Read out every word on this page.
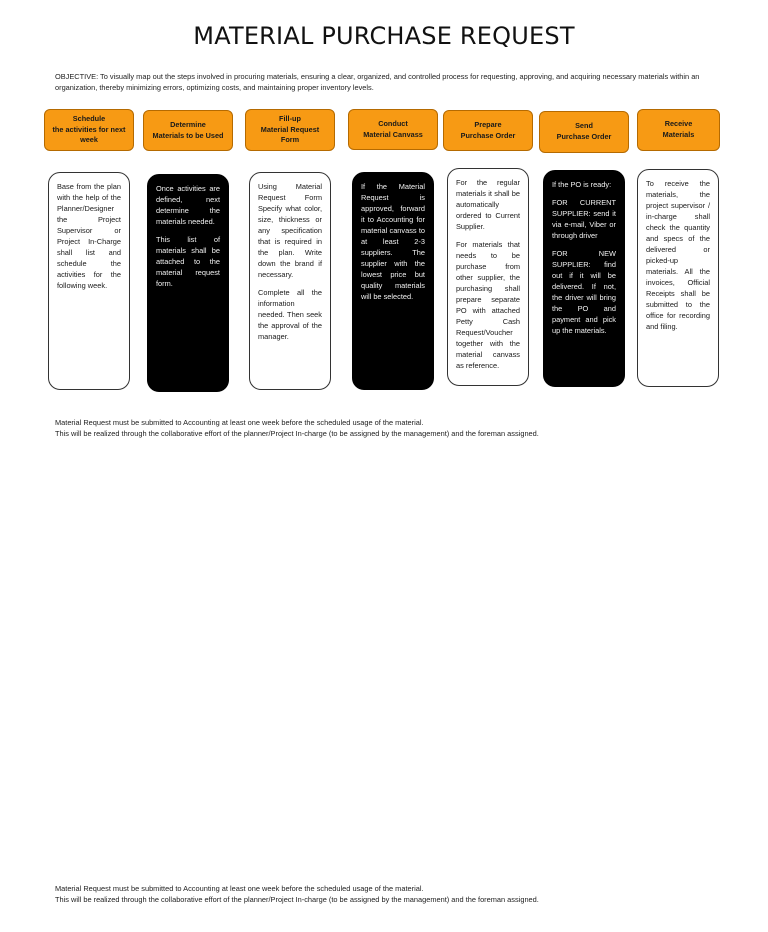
MATERIAL PURCHASE REQUEST
OBJECTIVE: To visually map out the steps involved in procuring materials, ensuring a clear, organized, and controlled process for requesting, approving, and acquiring necessary materials within an organization, thereby minimizing errors, optimizing costs, and maintaining proper inventory levels.
Schedule
the activities for next
week

Base from the plan with the help of the Planner/Designer the Project Supervisor or Project In-Charge shall list and schedule the activities for the following week.

Determine
Materials to be Used

Once activities are defined, next determine the materials needed.

This list of materials shall be attached to the material request form.

Fill-up
Material Request
Form

Using Material Request Form Specify what color, size, thickness or any specification that is required in the plan. Write down the brand if necessary.

Complete all the information needed. Then seek the approval of the manager.

Conduct
Material Canvass

If the Material Request is approved, forward it to Accounting for material canvass to at least 2-3 suppliers. The supplier with the lowest price but quality materials will be selected.

Prepare
Purchase Order

For the regular materials it shall be automatically ordered to Current Supplier.

For materials that needs to be purchase from other supplier, the purchasing shall prepare separate PO with attached Petty Cash Request/Voucher together with the material canvass as reference.

Send
Purchase Order

If the PO is ready:

FOR CURRENT SUPPLIER: send it via e-mail, Viber or through driver

FOR NEW SUPPLIER: find out if it will be delivered. If not, the driver will bring the PO and payment and pick up the materials.

Receive
Materials

To receive the materials, the project supervisor / in-charge shall check the quantity and specs of the delivered or picked-up materials. All the invoices, Official Receipts shall be submitted to the office for recording and filing.

Material Request must be submitted to Accounting at least one week before the scheduled usage of the material.
This will be realized through the collaborative effort of the planner/Project In-charge (to be assigned by the management) and the foreman assigned.
Material Request must be submitted to Accounting at least one week before the scheduled usage of the material.
This will be realized through the collaborative effort of the planner/Project In-charge (to be assigned by the management) and the foreman assigned.
